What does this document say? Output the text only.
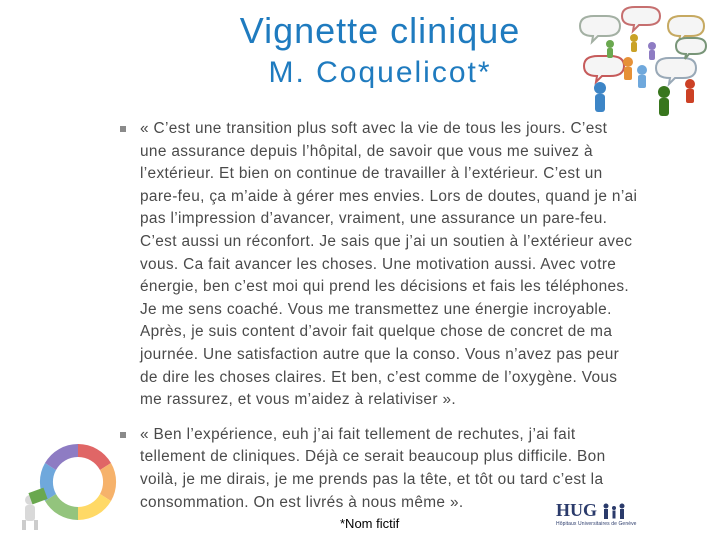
Vignette clinique
M. Coquelicot*
« C’est une transition plus soft avec la vie de tous les jours. C’est une assurance depuis l’hôpital, de savoir que vous me suivez à l’extérieur. Et bien on continue de travailler à l’extérieur. C’est un pare-feu, ça m’aide à gérer mes envies. Lors de doutes, quand je n’ai pas l’impression d’avancer, vraiment, une assurance un pare-feu. C’est aussi un réconfort. Je sais que j’ai un soutien à l’extérieur avec vous. Ca fait avancer les choses. Une motivation aussi. Avec votre énergie, ben c’est moi qui prend les décisions et fais les téléphones. Je me sens coaché. Vous me transmettez une énergie incroyable. Après, je suis content d’avoir fait quelque chose de concret de ma journée. Une satisfaction autre que la conso. Vous n’avez pas peur de dire les choses claires. Et ben, c’est comme de l’oxygène. Vous me rassurez, et vous m’aidez à relativiser ».
« Ben l’expérience, euh j’ai fait tellement de rechutes, j’ai fait tellement de cliniques. Déjà ce serait beaucoup plus difficile. Bon voilà, je me dirais, je me prends pas la tête, et tôt ou tard c’est la consommation. On est livrés à nous même ».
*Nom fictif
HUG
Hôpitaux Universitaires de Genève
